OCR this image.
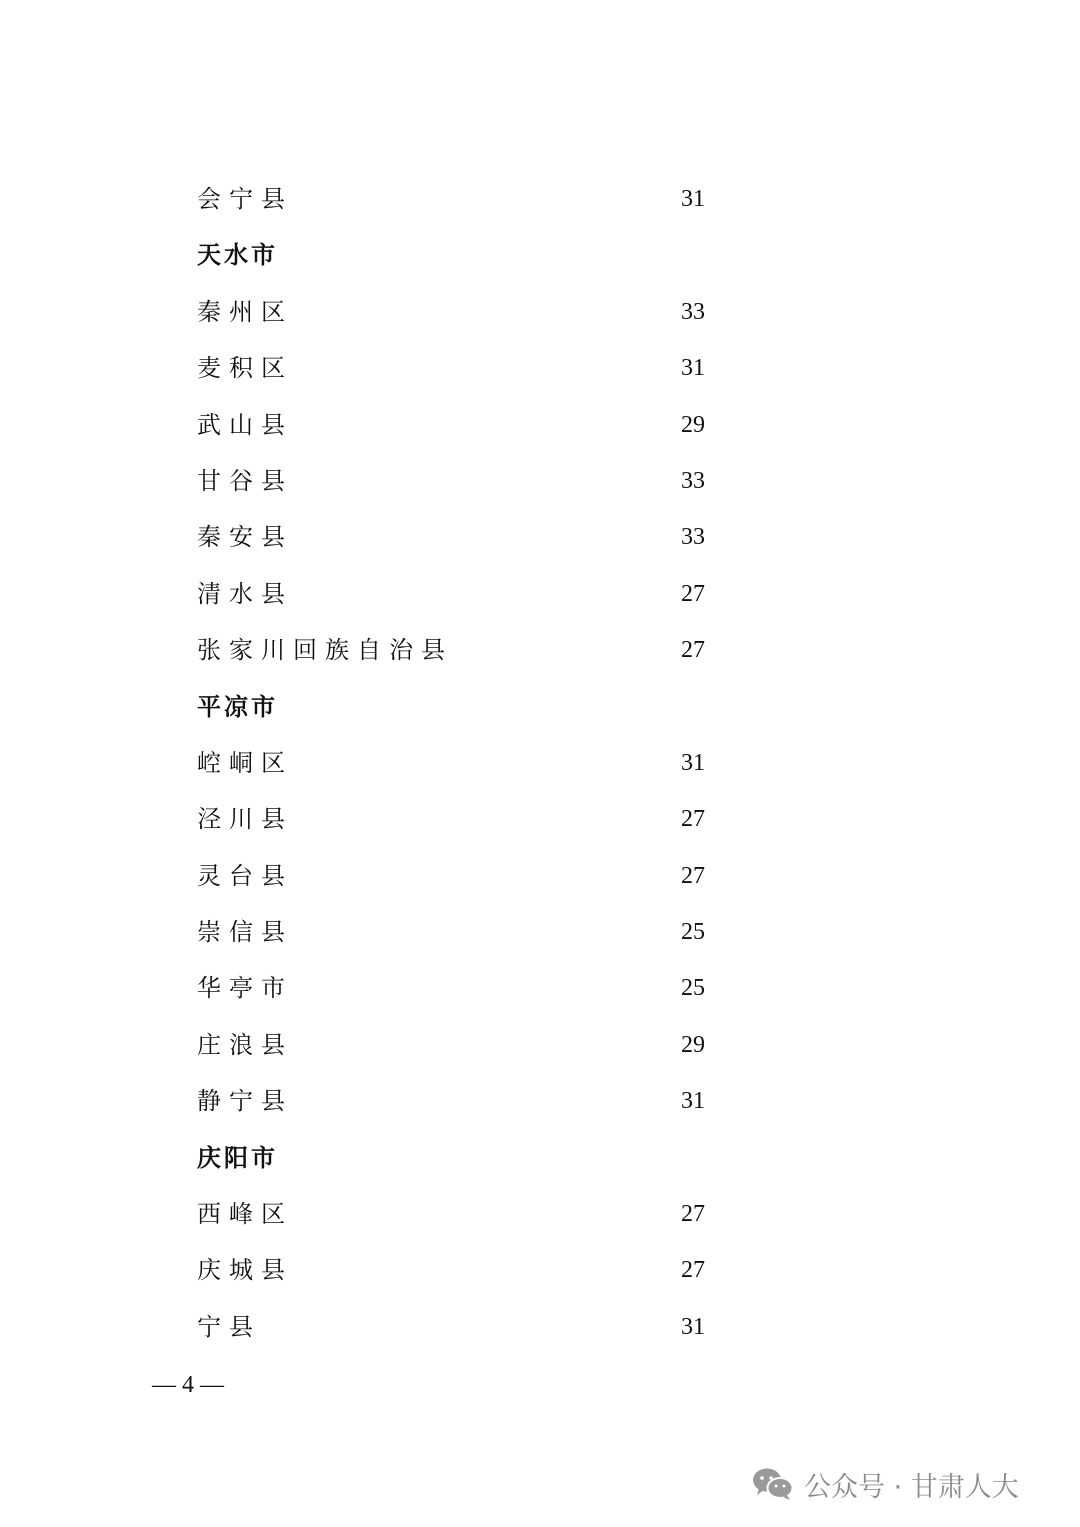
会宁县	31
天水市
秦州区	33
麦积区	31
武山县	29
甘谷县	33
秦安县	33
清水县	27
张家川回族自治县	27
平凉市
崆峒区	31
泾川县	27
灵台县	27
崇信县	25
华亭市	25
庄浪县	29
静宁县	31
庆阳市
西峰区	27
庆城县	27
宁县	31
— 4 —
公众号 · 甘肃人大
